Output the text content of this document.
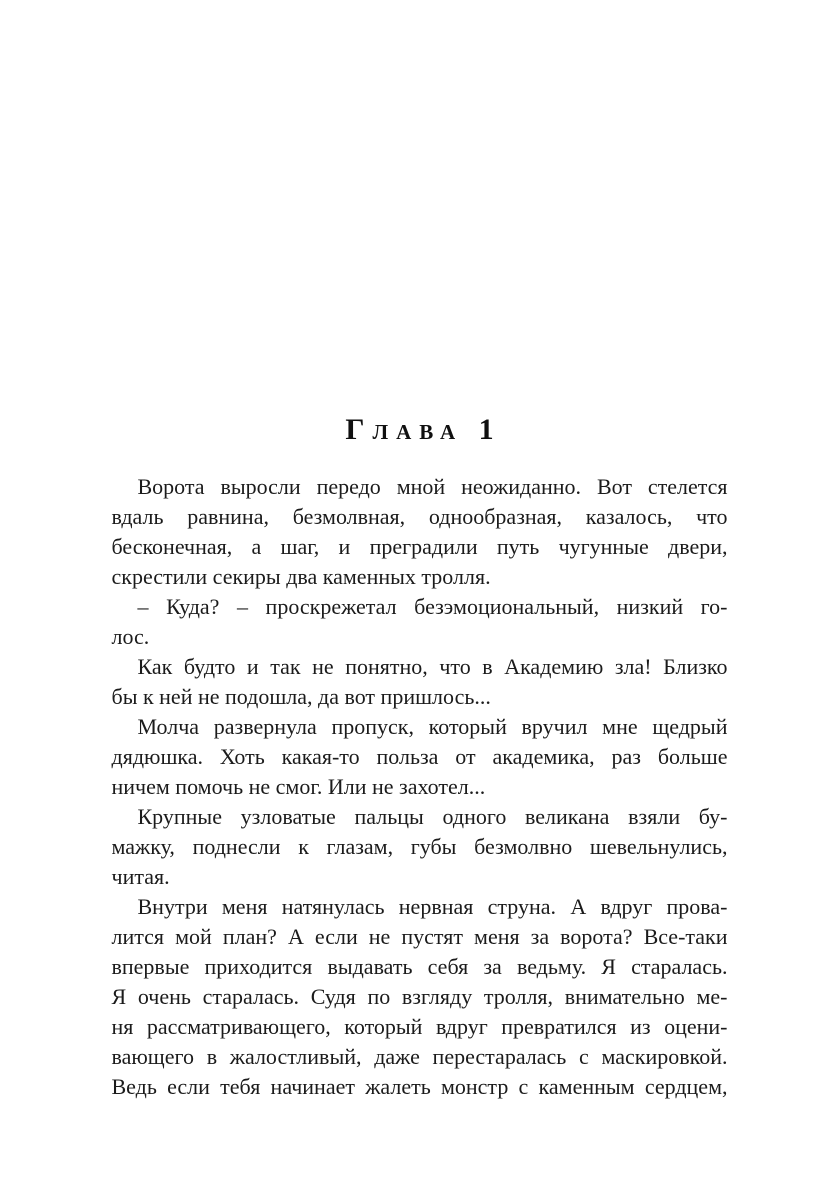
Глава 1
Ворота выросли передо мной неожиданно. Вот стелется
вдаль равнина, безмолвная, однообразная, казалось, что
бесконечная, а шаг, и преградили путь чугунные двери,
скрестили секиры два каменных тролля.
– Куда? – проскрежетал безэмоциональный, низкий го-
лос.
Как будто и так не понятно, что в Академию зла! Близко
бы к ней не подошла, да вот пришлось...
Молча развернула пропуск, который вручил мне щедрый
дядюшка. Хоть какая-то польза от академика, раз больше
ничем помочь не смог. Или не захотел...
Крупные узловатые пальцы одного великана взяли бу-
мажку, поднесли к глазам, губы безмолвно шевельнулись,
читая.
Внутри меня натянулась нервная струна. А вдруг прова-
лится мой план? А если не пустят меня за ворота? Все-таки
впервые приходится выдавать себя за ведьму. Я старалась.
Я очень старалась. Судя по взгляду тролля, внимательно ме-
ня рассматривающего, который вдруг превратился из оцени-
вающего в жалостливый, даже перестаралась с маскировкой.
Ведь если тебя начинает жалеть монстр с каменным сердцем,
